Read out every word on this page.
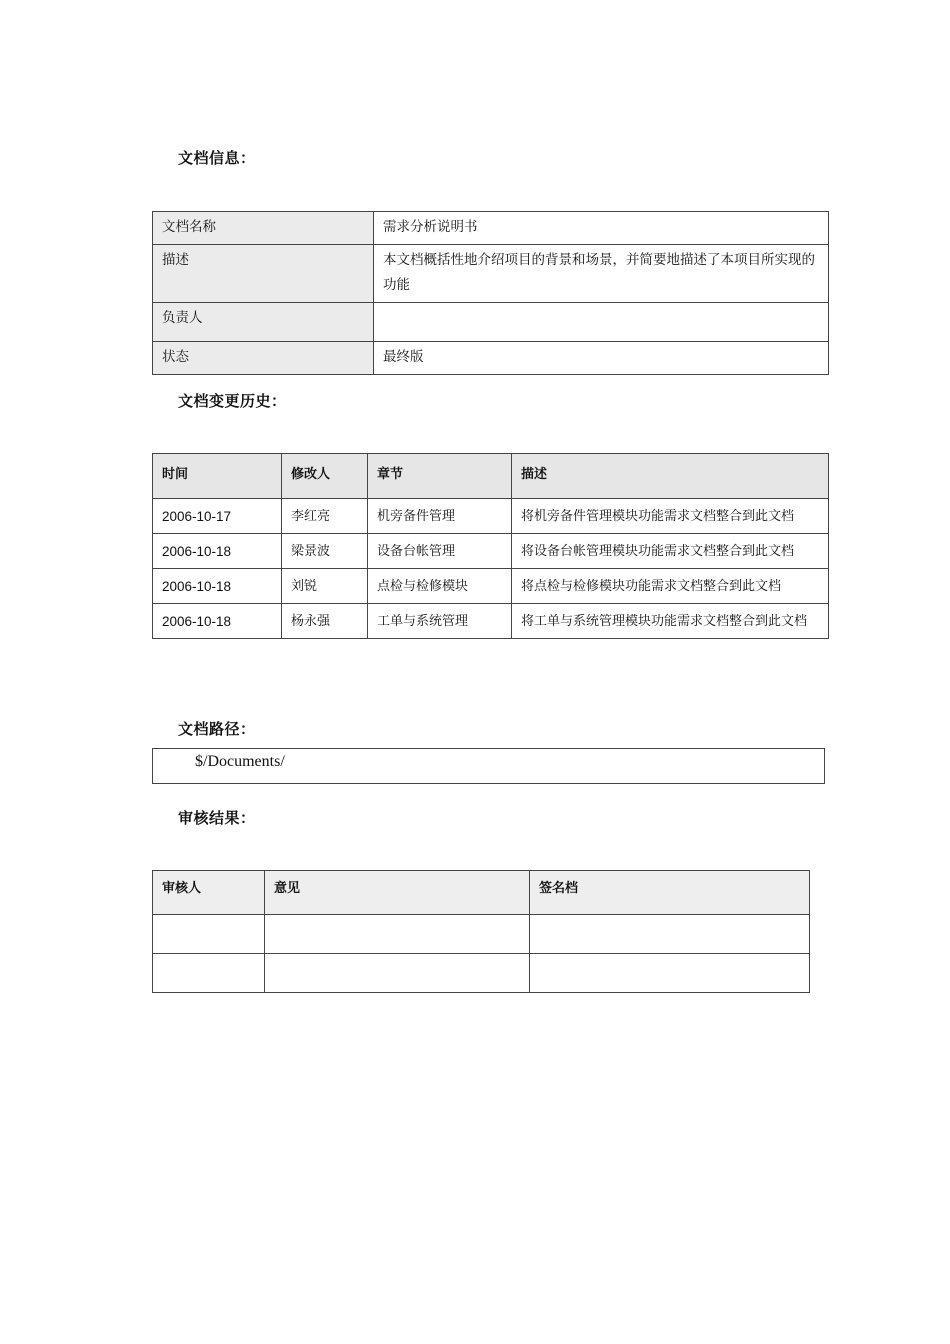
文档信息：
文档名称	需求分析说明书
描述	本文档概括性地介绍项目的背景和场景，并简要地描述了本项目所实现的功能
负责人	
状态	最终版
文档变更历史：
时间	修改人	章节	描述
2006-10-17	李红亮	机旁备件管理	将机旁备件管理模块功能需求文档整合到此文档
2006-10-18	梁景波	设备台帐管理	将设备台帐管理模块功能需求文档整合到此文档
2006-10-18	刘锐	点检与检修模块	将点检与检修模块功能需求文档整合到此文档
2006-10-18	杨永强	工单与系统管理	将工单与系统管理模块功能需求文档整合到此文档
文档路径：
$/Documents/
审核结果：
审核人	意见	签名档
